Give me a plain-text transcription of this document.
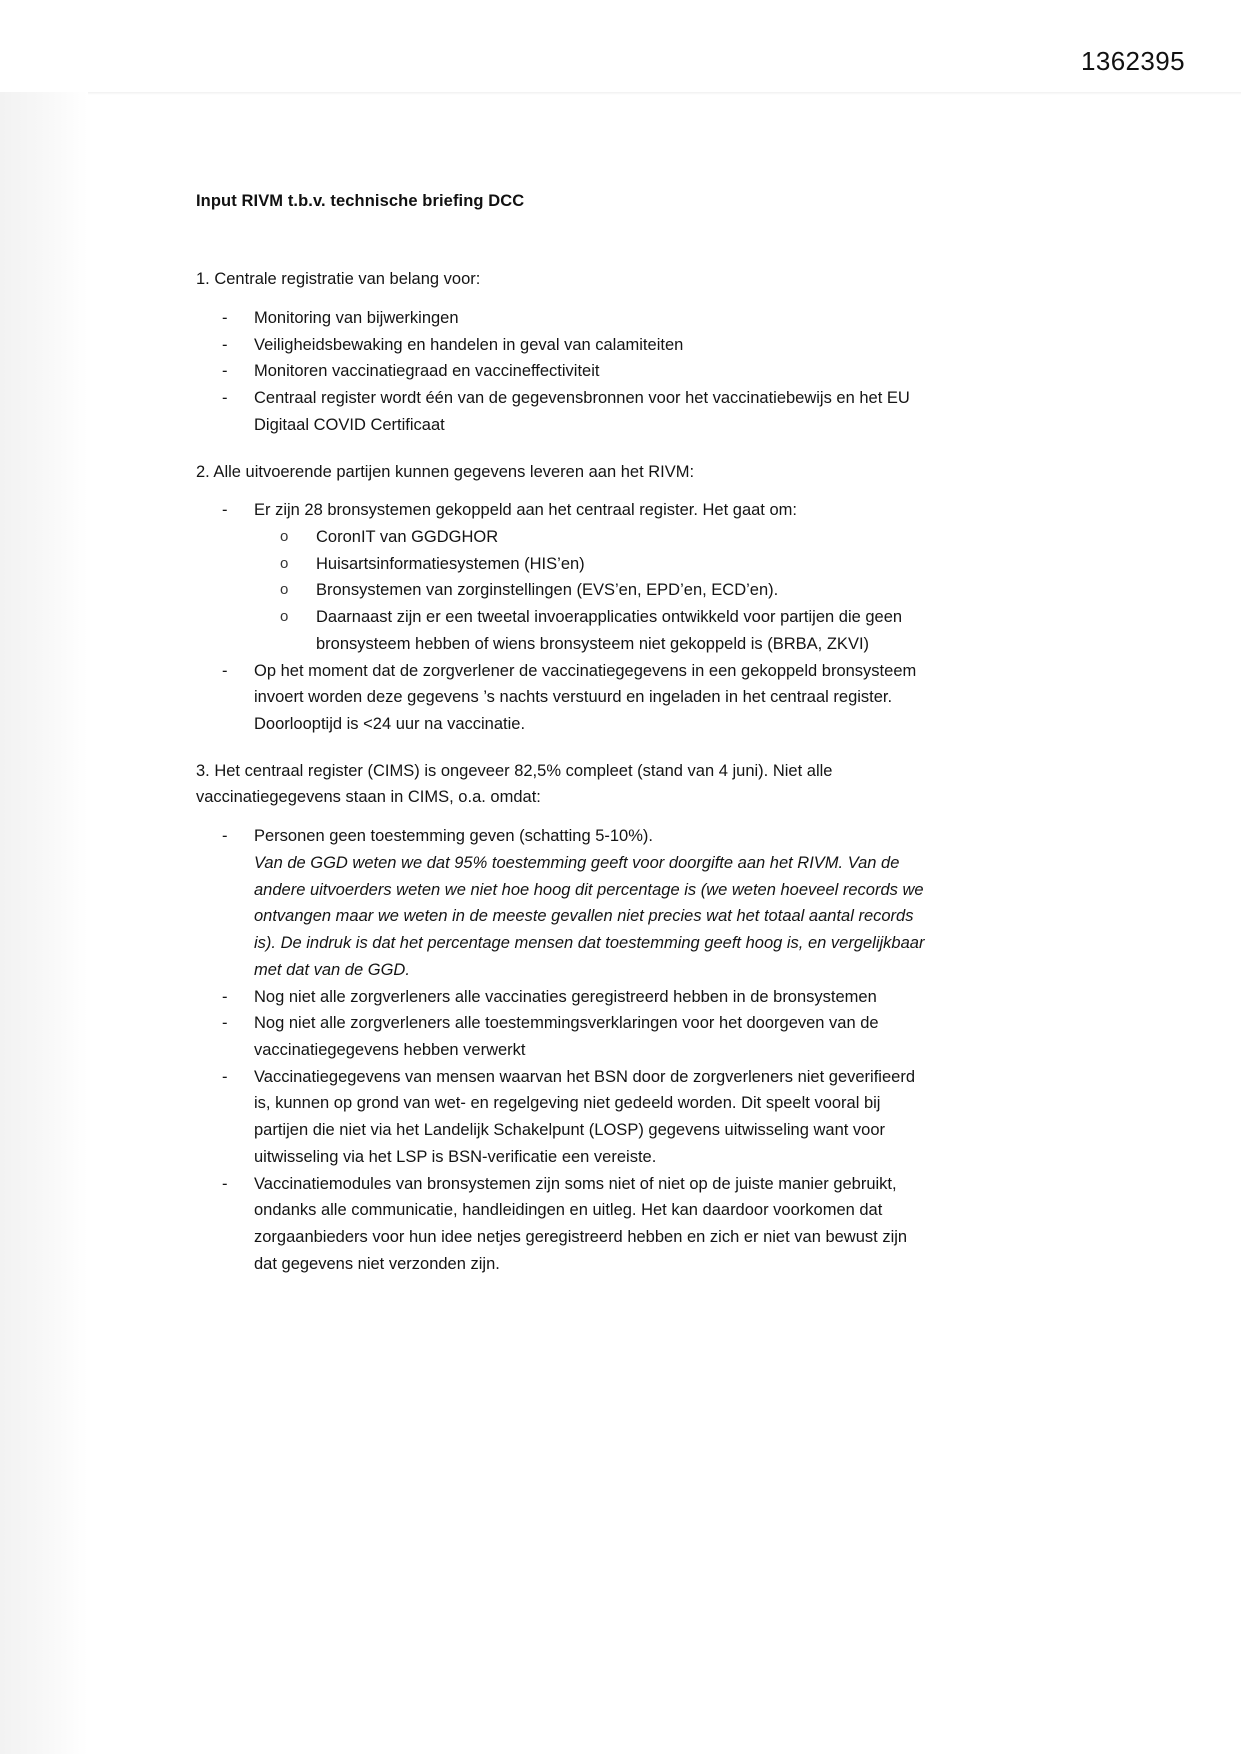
1362395
Input RIVM t.b.v. technische briefing DCC

1. Centrale registratie van belang voor:

-	Monitoring van bijwerkingen
-	Veiligheidsbewaking en handelen in geval van calamiteiten
-	Monitoren vaccinatiegraad en vaccineffectiviteit
-	Centraal register wordt één van de gegevensbronnen voor het vaccinatiebewijs en het EU Digitaal COVID Certificaat

2. Alle uitvoerende partijen kunnen gegevens leveren aan het RIVM:

-	Er zijn 28 bronsystemen gekoppeld aan het centraal register. Het gaat om:
o CoronIT van GGDGHOR
o Huisartsinformatiesystemen (HIS’en)
o Bronsystemen van zorginstellingen (EVS’en, EPD’en, ECD’en).
o Daarnaast zijn er een tweetal invoerapplicaties ontwikkeld voor partijen die geen bronsysteem hebben of wiens bronsysteem niet gekoppeld is (BRBA, ZKVI)
-	Op het moment dat de zorgverlener de vaccinatiegegevens in een gekoppeld bronsysteem invoert worden deze gegevens ’s nachts verstuurd en ingeladen in het centraal register. Doorlooptijd is <24 uur na vaccinatie.

3. Het centraal register (CIMS) is ongeveer 82,5% compleet (stand van 4 juni). Niet alle vaccinatiegegevens staan in CIMS, o.a. omdat:

-	Personen geen toestemming geven (schatting 5-10%).
Van de GGD weten we dat 95% toestemming geeft voor doorgifte aan het RIVM. Van de andere uitvoerders weten we niet hoe hoog dit percentage is (we weten hoeveel records we ontvangen maar we weten in de meeste gevallen niet precies wat het totaal aantal records is). De indruk is dat het percentage mensen dat toestemming geeft hoog is, en vergelijkbaar met dat van de GGD.
-	Nog niet alle zorgverleners alle vaccinaties geregistreerd hebben in de bronsystemen
-	Nog niet alle zorgverleners alle toestemmingsverklaringen voor het doorgeven van de vaccinatiegegevens hebben verwerkt
-	Vaccinatiegegevens van mensen waarvan het BSN door de zorgverleners niet geverifieerd is, kunnen op grond van wet- en regelgeving niet gedeeld worden. Dit speelt vooral bij partijen die niet via het Landelijk Schakelpunt (LOSP) gegevens uitwisseling want voor uitwisseling via het LSP is BSN-verificatie een vereiste.
-	Vaccinatiemodules van bronsystemen zijn soms niet of niet op de juiste manier gebruikt, ondanks alle communicatie, handleidingen en uitleg. Het kan daardoor voorkomen dat zorgaanbieders voor hun idee netjes geregistreerd hebben en zich er niet van bewust zijn dat gegevens niet verzonden zijn.
